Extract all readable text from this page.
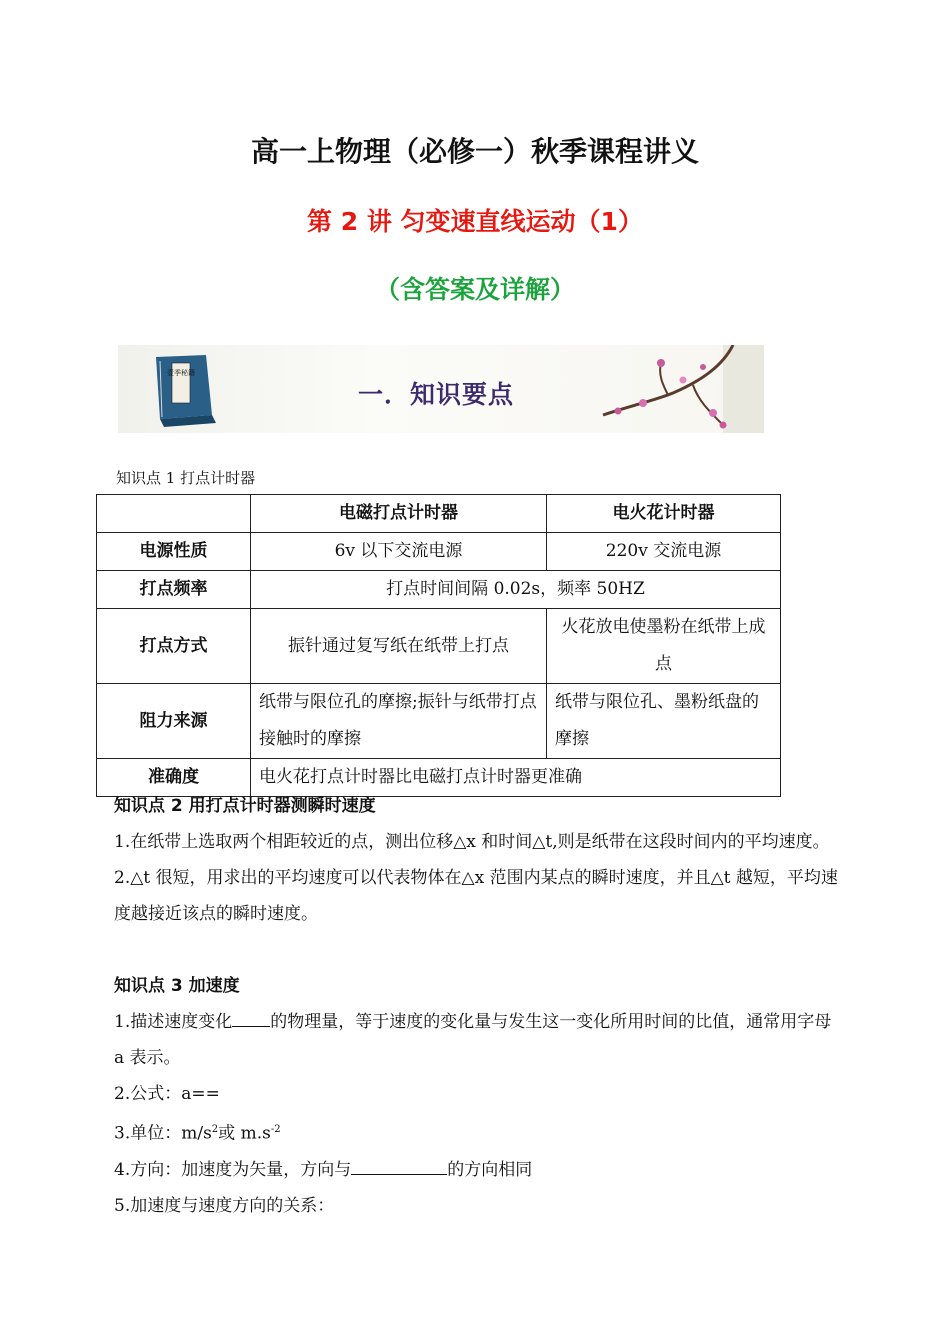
高一上物理（必修一）秋季课程讲义
第 2 讲 匀变速直线运动（1）
（含答案及详解）
壹季秘籍
一．知识要点
知识点 1 打点计时器
	电磁打点计时器	电火花计时器
电源性质	6v 以下交流电源	220v 交流电源
打点频率	打点时间间隔 0.02s，频率 50HZ	
打点方式	振针通过复写纸在纸带上打点	火花放电使墨粉在纸带上成点
阻力来源	纸带与限位孔的摩擦;振针与纸带打点接触时的摩擦	纸带与限位孔、墨粉纸盘的摩擦
准确度	电火花打点计时器比电磁打点计时器更准确	
知识点 2 用打点计时器测瞬时速度
1.在纸带上选取两个相距较近的点，测出位移△x 和时间△t,则是纸带在这段时间内的平均速度。
2.△t 很短，用求出的平均速度可以代表物体在△x 范围内某点的瞬时速度，并且△t 越短，平均速度越接近该点的瞬时速度。
知识点 3 加速度
1.描述速度变化 的物理量，等于速度的变化量与发生这一变化所用时间的比值，通常用字母 a 表示。
2.公式：a==
3.单位：$m/s^2$或 $m.s^{-2}$
4.方向：加速度为矢量，方向与	的方向相同
5.加速度与速度方向的关系：
